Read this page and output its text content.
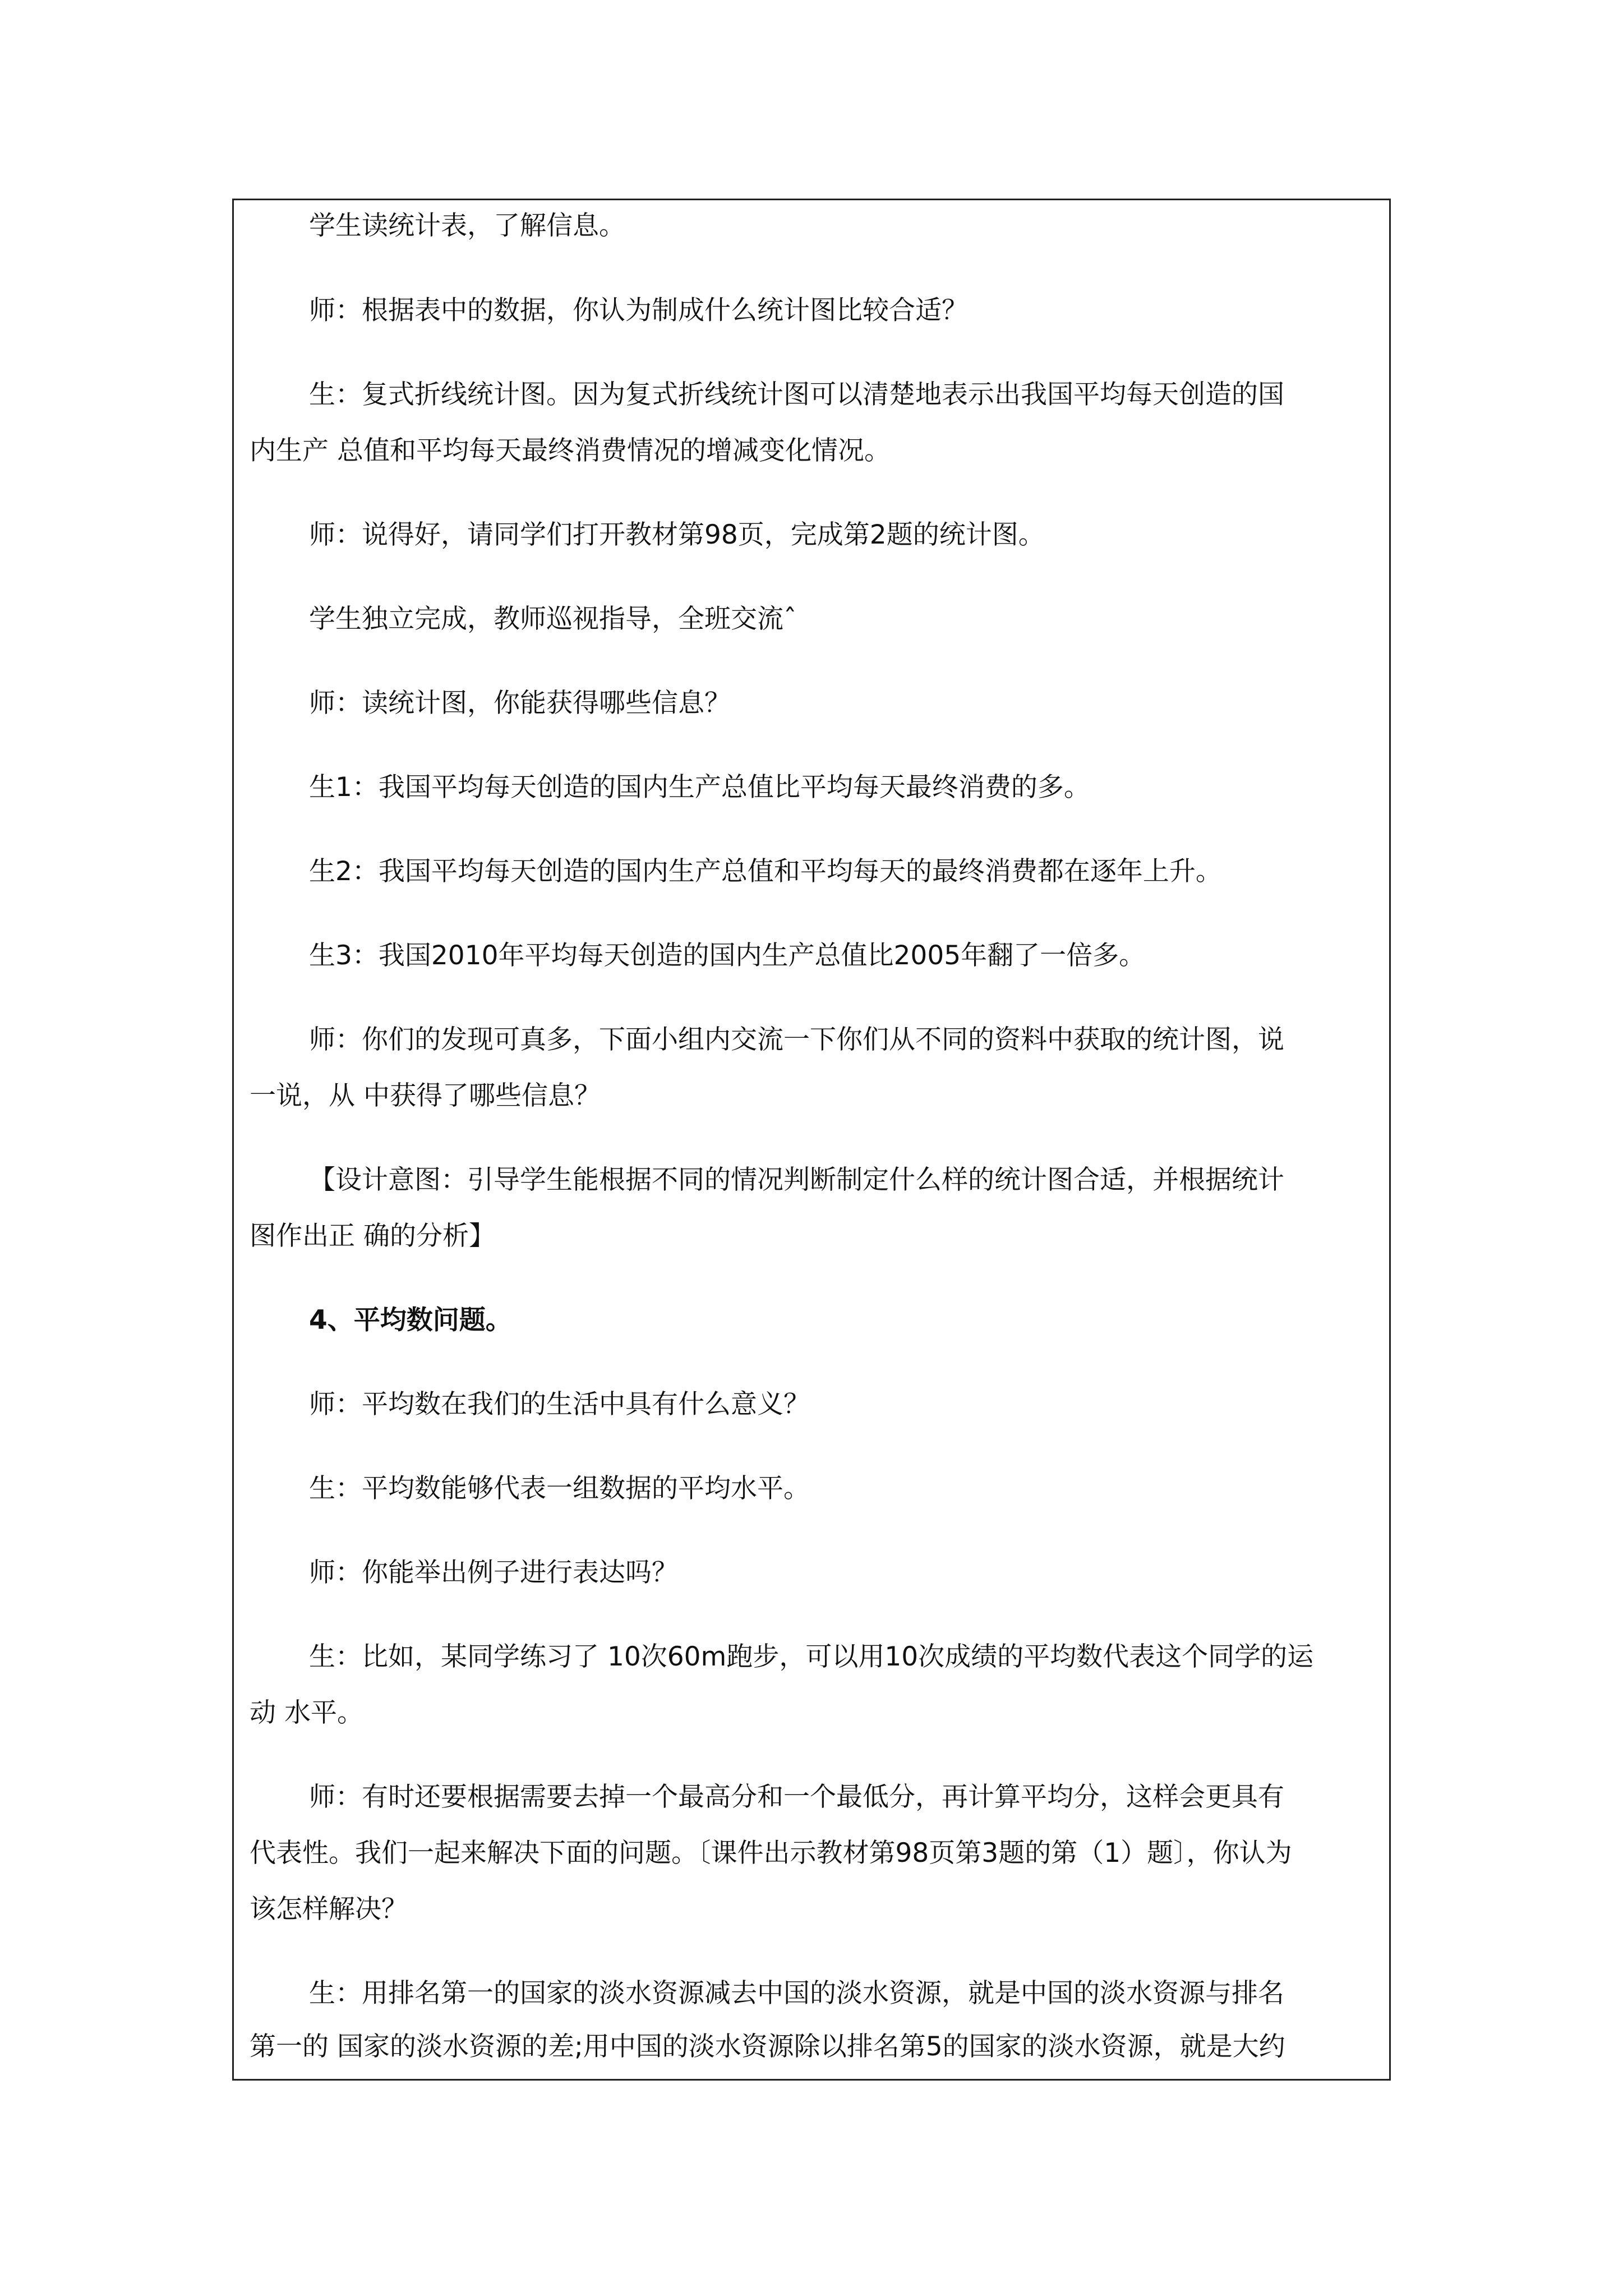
学生读统计表，了解信息。
师：根据表中的数据，你认为制成什么统计图比较合适？
生：复式折线统计图。因为复式折线统计图可以清楚地表示出我国平均每天创造的国
内生产 总值和平均每天最终消费情况的增减变化情况。
师：说得好，请同学们打开教材第98页，完成第2题的统计图。
学生独立完成，教师巡视指导，全班交流ˆ
师：读统计图，你能获得哪些信息？
生1：我国平均每天创造的国内生产总值比平均每天最终消费的多。
生2：我国平均每天创造的国内生产总值和平均每天的最终消费都在逐年上升。
生3：我国2010年平均每天创造的国内生产总值比2005年翻了一倍多。
师：你们的发现可真多，下面小组内交流一下你们从不同的资料中获取的统计图，说
一说，从 中获得了哪些信息？
【设计意图：引导学生能根据不同的情况判断制定什么样的统计图合适，并根据统计
图作出正 确的分析】
4、平均数问题。
师：平均数在我们的生活中具有什么意义？
生：平均数能够代表一组数据的平均水平。
师：你能举出例子进行表达吗？
生：比如，某同学练习了 10次60m跑步，可以用10次成绩的平均数代表这个同学的运
动 水平。
师：有时还要根据需要去掉一个最高分和一个最低分，再计算平均分，这样会更具有
代表性。我们一起来解决下面的问题。〔课件出示教材第98页第3题的第（1）题〕，你认为
该怎样解决？
生：用排名第一的国家的淡水资源减去中国的淡水资源，就是中国的淡水资源与排名
第一的 国家的淡水资源的差;用中国的淡水资源除以排名第5的国家的淡水资源，就是大约
